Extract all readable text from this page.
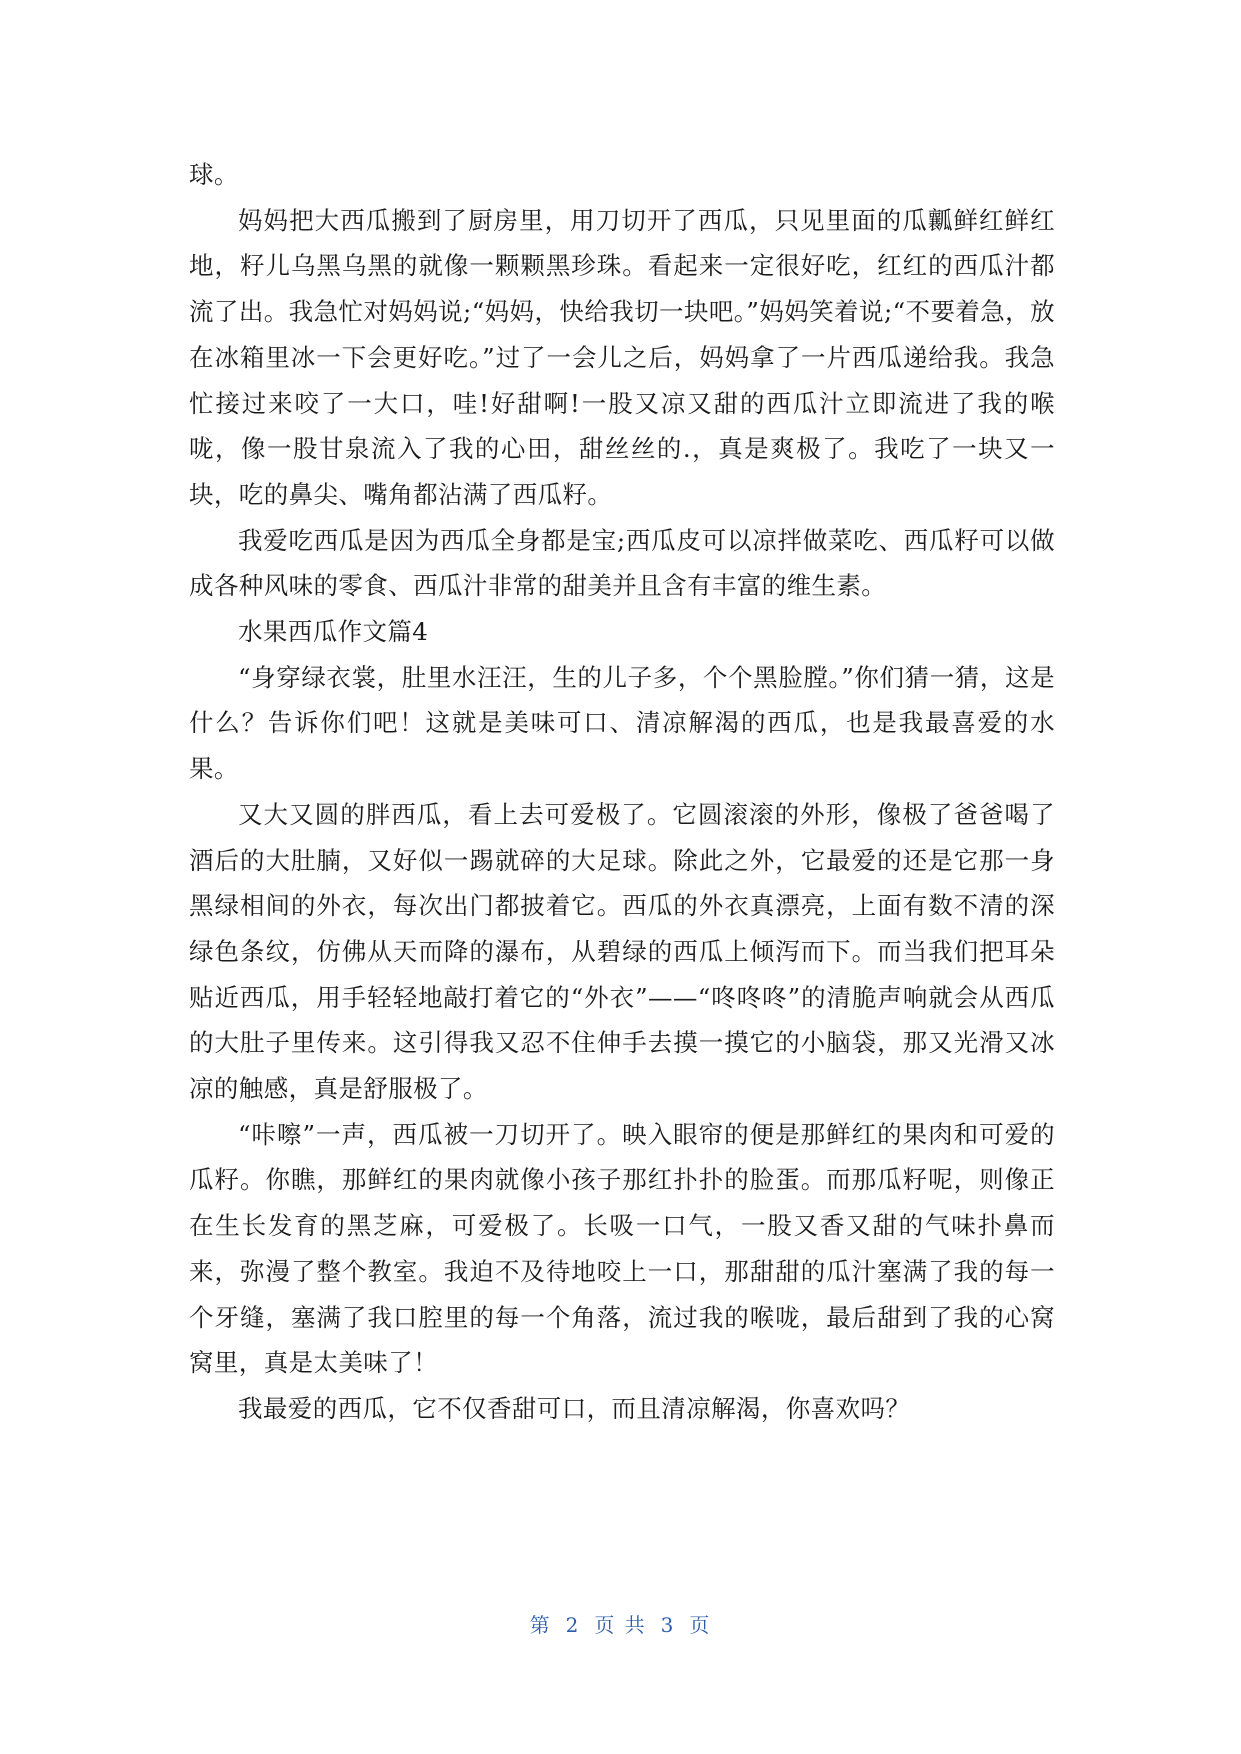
球。

妈妈把大西瓜搬到了厨房里，用刀切开了西瓜，只见里面的瓜瓤鲜红鲜红地，籽儿乌黑乌黑的就像一颗颗黑珍珠。看起来一定很好吃，红红的西瓜汁都流了出。我急忙对妈妈说;“妈妈，快给我切一块吧。”妈妈笑着说;“不要着急，放在冰箱里冰一下会更好吃。”过了一会儿之后，妈妈拿了一片西瓜递给我。我急忙接过来咬了一大口，哇!好甜啊!一股又凉又甜的西瓜汁立即流进了我的喉咙，像一股甘泉流入了我的心田，甜丝丝的.，真是爽极了。我吃了一块又一块，吃的鼻尖、嘴角都沾满了西瓜籽。

我爱吃西瓜是因为西瓜全身都是宝;西瓜皮可以凉拌做菜吃、西瓜籽可以做成各种风味的零食、西瓜汁非常的甜美并且含有丰富的维生素。

水果西瓜作文篇4

“身穿绿衣裳，肚里水汪汪，生的儿子多，个个黑脸膛。”你们猜一猜，这是什么？告诉你们吧！这就是美味可口、清凉解渴的西瓜，也是我最喜爱的水果。

又大又圆的胖西瓜，看上去可爱极了。它圆滚滚的外形，像极了爸爸喝了酒后的大肚腩，又好似一踢就碎的大足球。除此之外，它最爱的还是它那一身黑绿相间的外衣，每次出门都披着它。西瓜的外衣真漂亮，上面有数不清的深绿色条纹，仿佛从天而降的瀑布，从碧绿的西瓜上倾泻而下。而当我们把耳朵贴近西瓜，用手轻轻地敲打着它的“外衣”——“咚咚咚”的清脆声响就会从西瓜的大肚子里传来。这引得我又忍不住伸手去摸一摸它的小脑袋，那又光滑又冰凉的触感，真是舒服极了。

“咔嚓”一声，西瓜被一刀切开了。映入眼帘的便是那鲜红的果肉和可爱的瓜籽。你瞧，那鲜红的果肉就像小孩子那红扑扑的脸蛋。而那瓜籽呢，则像正在生长发育的黑芝麻，可爱极了。长吸一口气，一股又香又甜的气味扑鼻而来，弥漫了整个教室。我迫不及待地咬上一口，那甜甜的瓜汁塞满了我的每一个牙缝，塞满了我口腔里的每一个角落，流过我的喉咙，最后甜到了我的心窝窝里，真是太美味了！

我最爱的西瓜，它不仅香甜可口，而且清凉解渴，你喜欢吗？

第 2 页 共 3 页
